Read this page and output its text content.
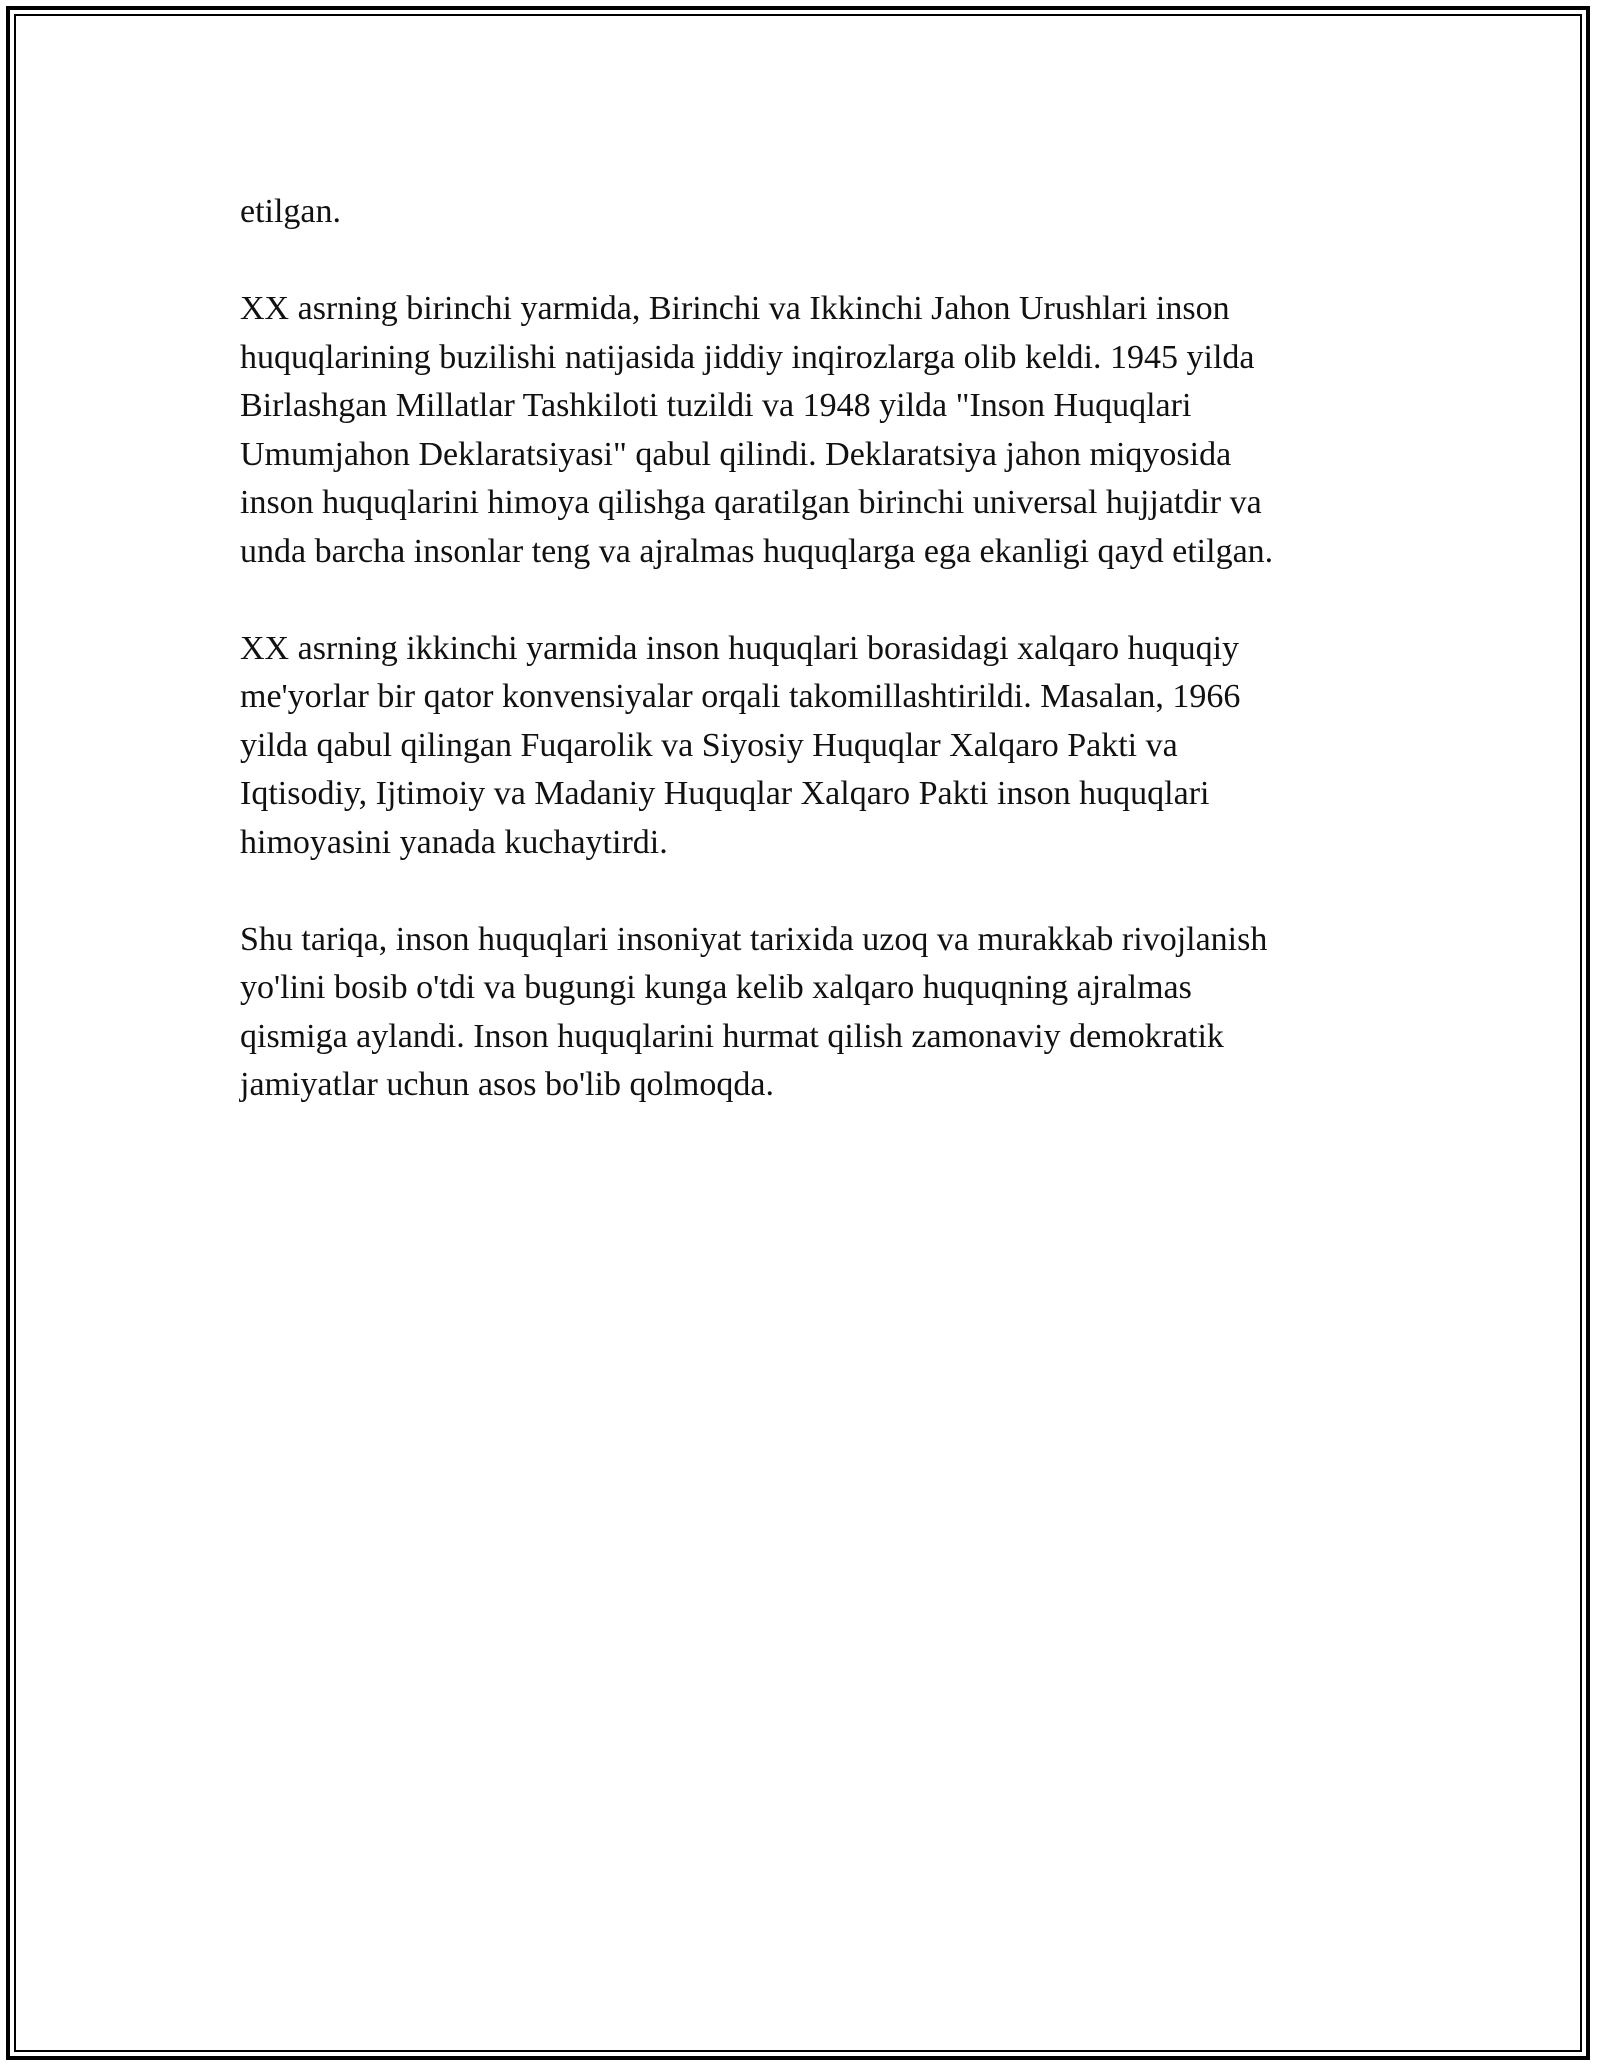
etilgan.

XX asrning birinchi yarmida, Birinchi va Ikkinchi Jahon Urushlari inson
huquqlarining buzilishi natijasida jiddiy inqirozlarga olib keldi. 1945 yilda
Birlashgan Millatlar Tashkiloti tuzildi va 1948 yilda "Inson Huquqlari
Umumjahon Deklaratsiyasi" qabul qilindi. Deklaratsiya jahon miqyosida
inson huquqlarini himoya qilishga qaratilgan birinchi universal hujjatdir va
unda barcha insonlar teng va ajralmas huquqlarga ega ekanligi qayd etilgan.

XX asrning ikkinchi yarmida inson huquqlari borasidagi xalqaro huquqiy
me'yorlar bir qator konvensiyalar orqali takomillashtirildi. Masalan, 1966
yilda qabul qilingan Fuqarolik va Siyosiy Huquqlar Xalqaro Pakti va
Iqtisodiy, Ijtimoiy va Madaniy Huquqlar Xalqaro Pakti inson huquqlari
himoyasini yanada kuchaytirdi.

Shu tariqa, inson huquqlari insoniyat tarixida uzoq va murakkab rivojlanish
yo'lini bosib o'tdi va bugungi kunga kelib xalqaro huquqning ajralmas
qismiga aylandi. Inson huquqlarini hurmat qilish zamonaviy demokratik
jamiyatlar uchun asos bo'lib qolmoqda.
